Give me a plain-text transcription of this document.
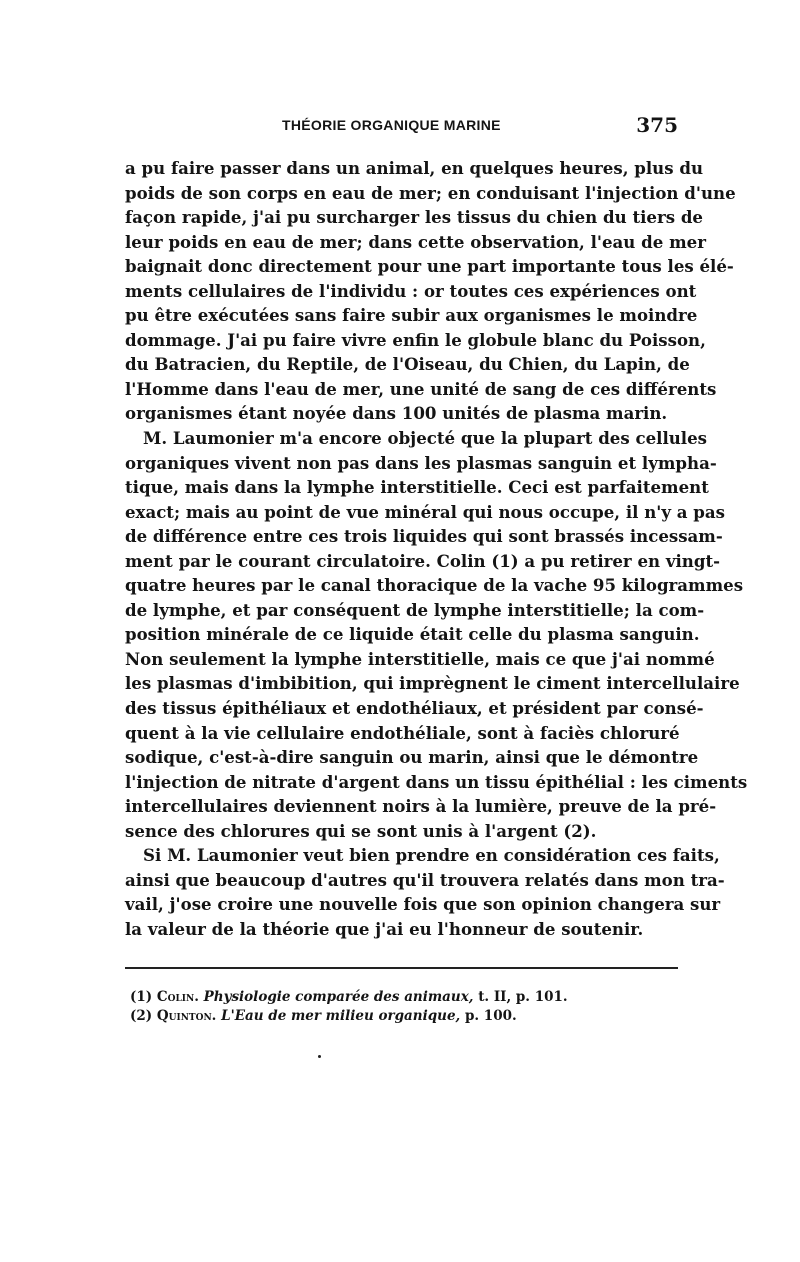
THÉORIE ORGANIQUE MARINE	375
a pu faire passer dans un animal, en quelques heures, plus du
poids de son corps en eau de mer; en conduisant l'injection d'une
façon rapide, j'ai pu surcharger les tissus du chien du tiers de
leur poids en eau de mer; dans cette observation, l'eau de mer
baignait donc directement pour une part importante tous les élé-
ments cellulaires de l'individu : or toutes ces expériences ont
pu être exécutées sans faire subir aux organismes le moindre
dommage. J'ai pu faire vivre enfin le globule blanc du Poisson,
du Batracien, du Reptile, de l'Oiseau, du Chien, du Lapin, de
l'Homme dans l'eau de mer, une unité de sang de ces différents
organismes étant noyée dans 100 unités de plasma marin.
M. Laumonier m'a encore objecté que la plupart des cellules
organiques vivent non pas dans les plasmas sanguin et lympha-
tique, mais dans la lymphe interstitielle. Ceci est parfaitement
exact; mais au point de vue minéral qui nous occupe, il n'y a pas
de différence entre ces trois liquides qui sont brassés incessam-
ment par le courant circulatoire. Colin (1) a pu retirer en vingt-
quatre heures par le canal thoracique de la vache 95 kilogrammes
de lymphe, et par conséquent de lymphe interstitielle; la com-
position minérale de ce liquide était celle du plasma sanguin.
Non seulement la lymphe interstitielle, mais ce que j'ai nommé
les plasmas d'imbibition, qui imprègnent le ciment intercellulaire
des tissus épithéliaux et endothéliaux, et président par consé-
quent à la vie cellulaire endothéliale, sont à faciès chloruré
sodique, c'est-à-dire sanguin ou marin, ainsi que le démontre
l'injection de nitrate d'argent dans un tissu épithélial : les ciments
intercellulaires deviennent noirs à la lumière, preuve de la pré-
sence des chlorures qui se sont unis à l'argent (2).
Si M. Laumonier veut bien prendre en considération ces faits,
ainsi que beaucoup d'autres qu'il trouvera relatés dans mon tra-
vail, j'ose croire une nouvelle fois que son opinion changera sur
la valeur de la théorie que j'ai eu l'honneur de soutenir.
(1) Colin. Physiologie comparée des animaux, t. II, p. 101.
(2) Quinton. L'Eau de mer milieu organique, p. 100.
